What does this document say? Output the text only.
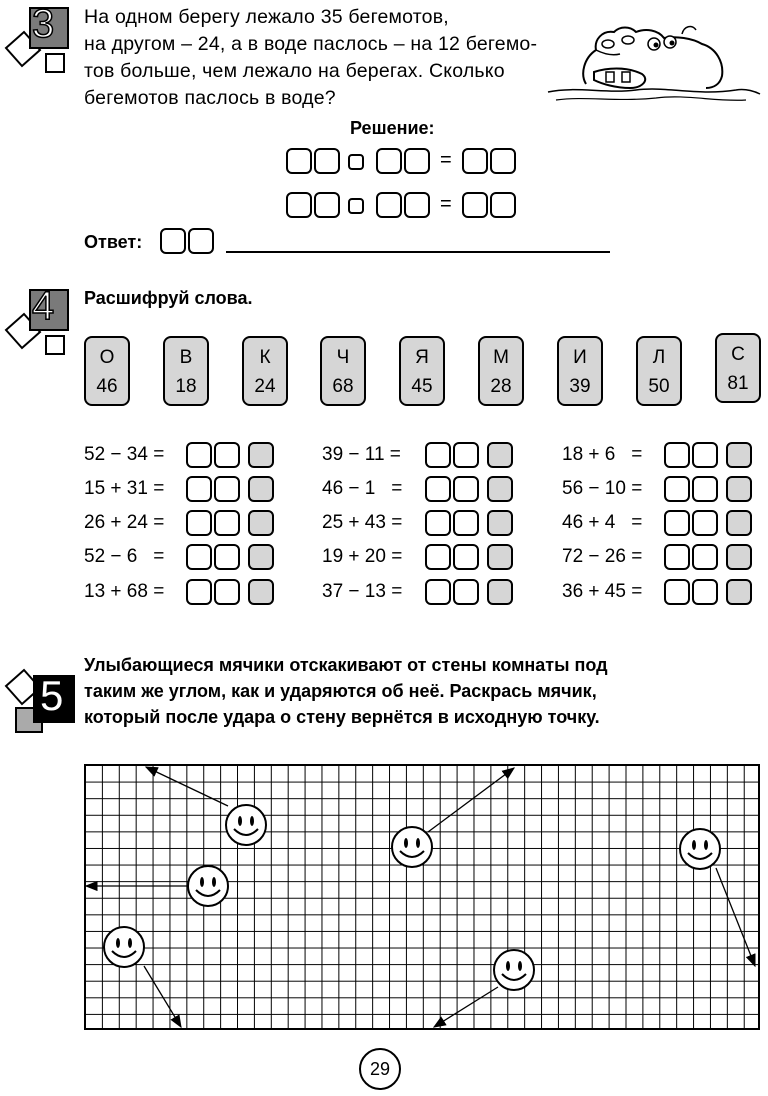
3 На одном берегу лежало 35 бегемотов,
на другом – 24, а в воде паслось – на 12 бегемо-
тов больше, чем лежало на берегах. Сколько
бегемотов паслось в воде?
Решение:
=
=
Ответ:
4 Расшифруй слова.
О
46
В
18
К
24
Ч
68
Я
45
М
28
И
39
Л
50
С
81
52 − 34 =
15 + 31 =
26 + 24 =
52 − 6   =
13 + 68 =
39 − 11 =
46 − 1   =
25 + 43 =
19 + 20 =
37 − 13 =
18 + 6   =
56 − 10 =
46 + 4   =
72 − 26 =
36 + 45 =
5
Улыбающиеся мячики отскакивают от стены комнаты под
таким же углом, как и ударяются об неё. Раскрась мячик,
который после удара о стену вернётся в исходную точку.
29
